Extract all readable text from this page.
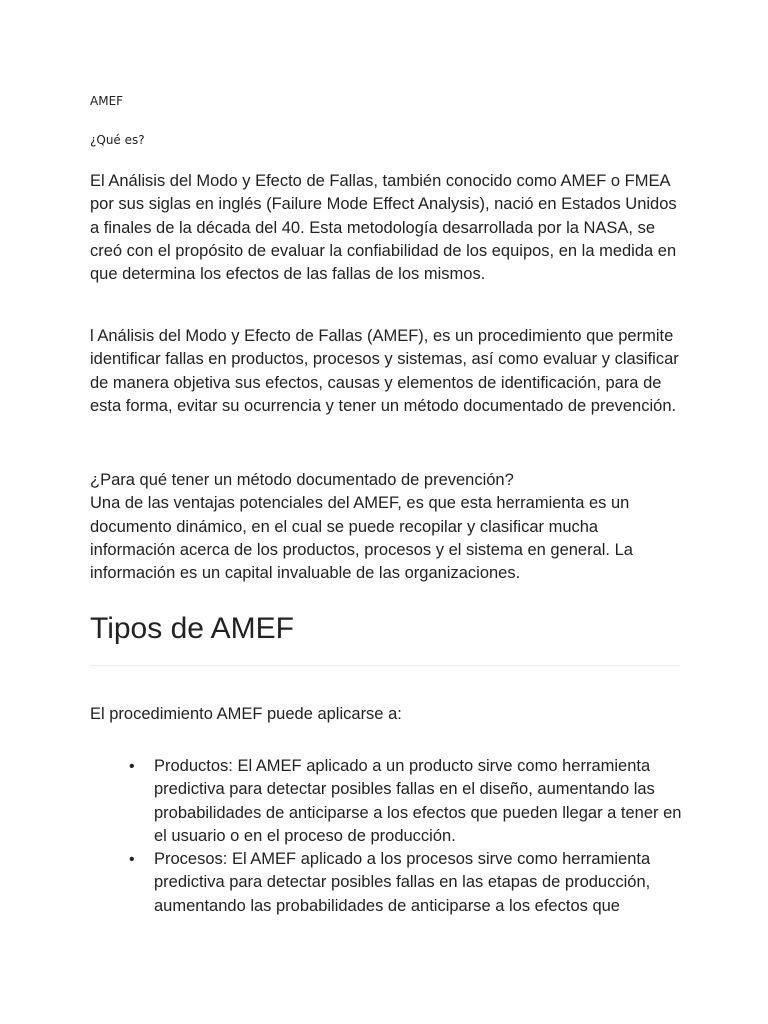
AMEF

¿Qué es?

El Análisis del Modo y Efecto de Fallas, también conocido como AMEF o FMEA por sus siglas en inglés (Failure Mode Effect Analysis), nació en Estados Unidos a finales de la década del 40. Esta metodología desarrollada por la NASA, se creó con el propósito de evaluar la confiabilidad de los equipos, en la medida en que determina los efectos de las fallas de los mismos.

l Análisis del Modo y Efecto de Fallas (AMEF), es un procedimiento que permite identificar fallas en productos, procesos y sistemas, así como evaluar y clasificar de manera objetiva sus efectos, causas y elementos de identificación, para de esta forma, evitar su ocurrencia y tener un método documentado de prevención.

¿Para qué tener un método documentado de prevención?
Una de las ventajas potenciales del AMEF, es que esta herramienta es un documento dinámico, en el cual se puede recopilar y clasificar mucha información acerca de los productos, procesos y el sistema en general. La información es un capital invaluable de las organizaciones.
Tipos de AMEF

El procedimiento AMEF puede aplicarse a:

• Productos: El AMEF aplicado a un producto sirve como herramienta predictiva para detectar posibles fallas en el diseño, aumentando las probabilidades de anticiparse a los efectos que pueden llegar a tener en el usuario o en el proceso de producción.
• Procesos: El AMEF aplicado a los procesos sirve como herramienta predictiva para detectar posibles fallas en las etapas de producción, aumentando las probabilidades de anticiparse a los efectos que
